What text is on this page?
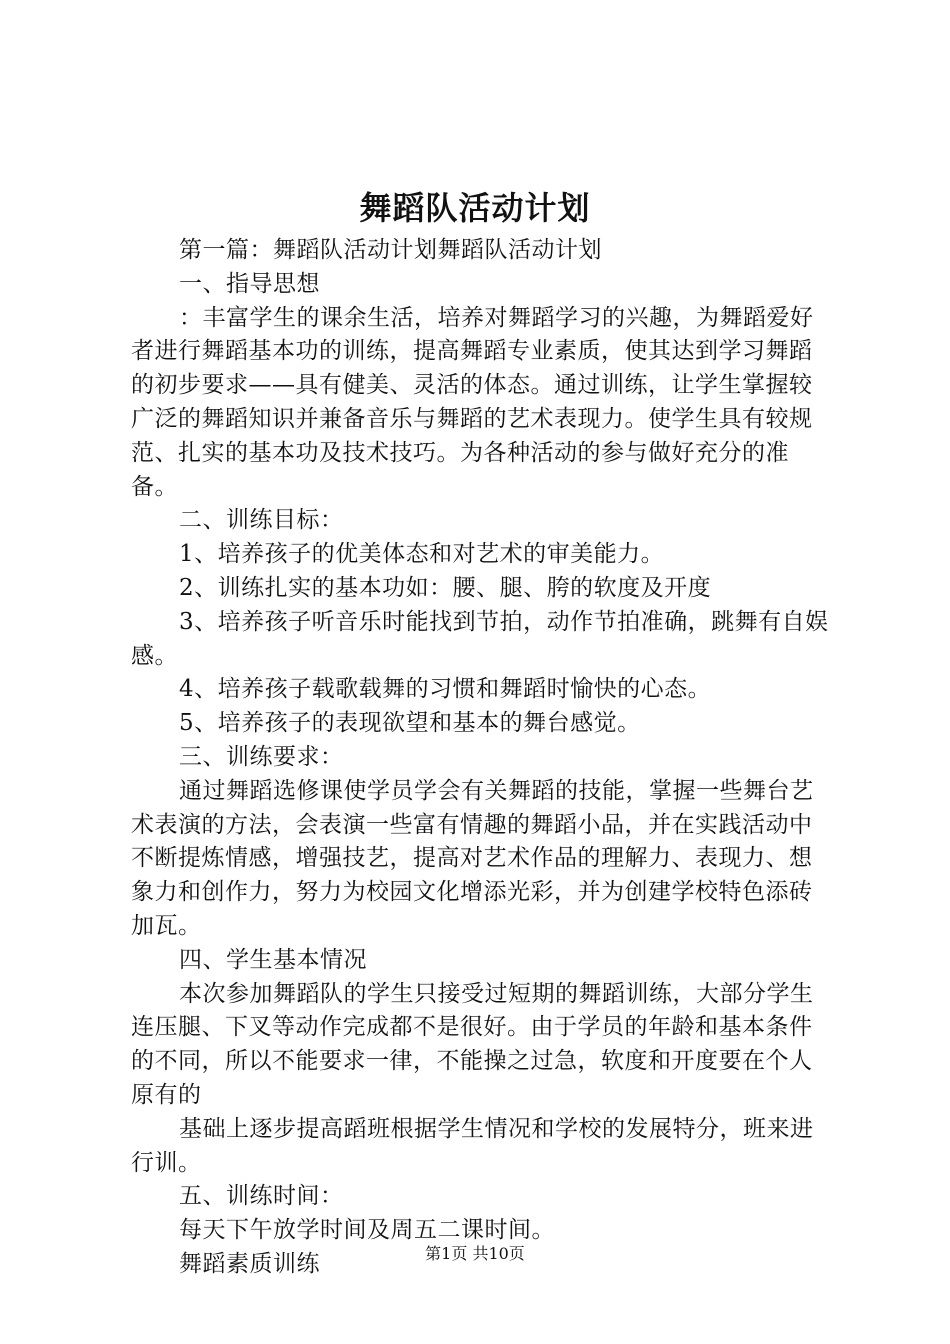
舞蹈队活动计划

第一篇：舞蹈队活动计划舞蹈队活动计划

一、指导思想

：丰富学生的课余生活，培养对舞蹈学习的兴趣，为舞蹈爱好者进行舞蹈基本功的训练，提高舞蹈专业素质，使其达到学习舞蹈的初步要求——具有健美、灵活的体态。通过训练，让学生掌握较广泛的舞蹈知识并兼备音乐与舞蹈的艺术表现力。使学生具有较规范、扎实的基本功及技术技巧。为各种活动的参与做好充分的准备。

二、训练目标：

1、培养孩子的优美体态和对艺术的审美能力。

2、训练扎实的基本功如：腰、腿、胯的软度及开度

3、培养孩子听音乐时能找到节拍，动作节拍准确，跳舞有自娱感。

4、培养孩子载歌载舞的习惯和舞蹈时愉快的心态。

5、培养孩子的表现欲望和基本的舞台感觉。

三、训练要求：

通过舞蹈选修课使学员学会有关舞蹈的技能，掌握一些舞台艺术表演的方法，会表演一些富有情趣的舞蹈小品，并在实践活动中不断提炼情感，增强技艺，提高对艺术作品的理解力、表现力、想象力和创作力，努力为校园文化增添光彩，并为创建学校特色添砖加瓦。

四、学生基本情况

本次参加舞蹈队的学生只接受过短期的舞蹈训练，大部分学生连压腿、下叉等动作完成都不是很好。由于学员的年龄和基本条件的不同，所以不能要求一律，不能操之过急，软度和开度要在个人原有的

基础上逐步提高蹈班根据学生情况和学校的发展特分，班来进行训。

五、训练时间：

每天下午放学时间及周五二课时间。

舞蹈素质训练	第1页 共10页
